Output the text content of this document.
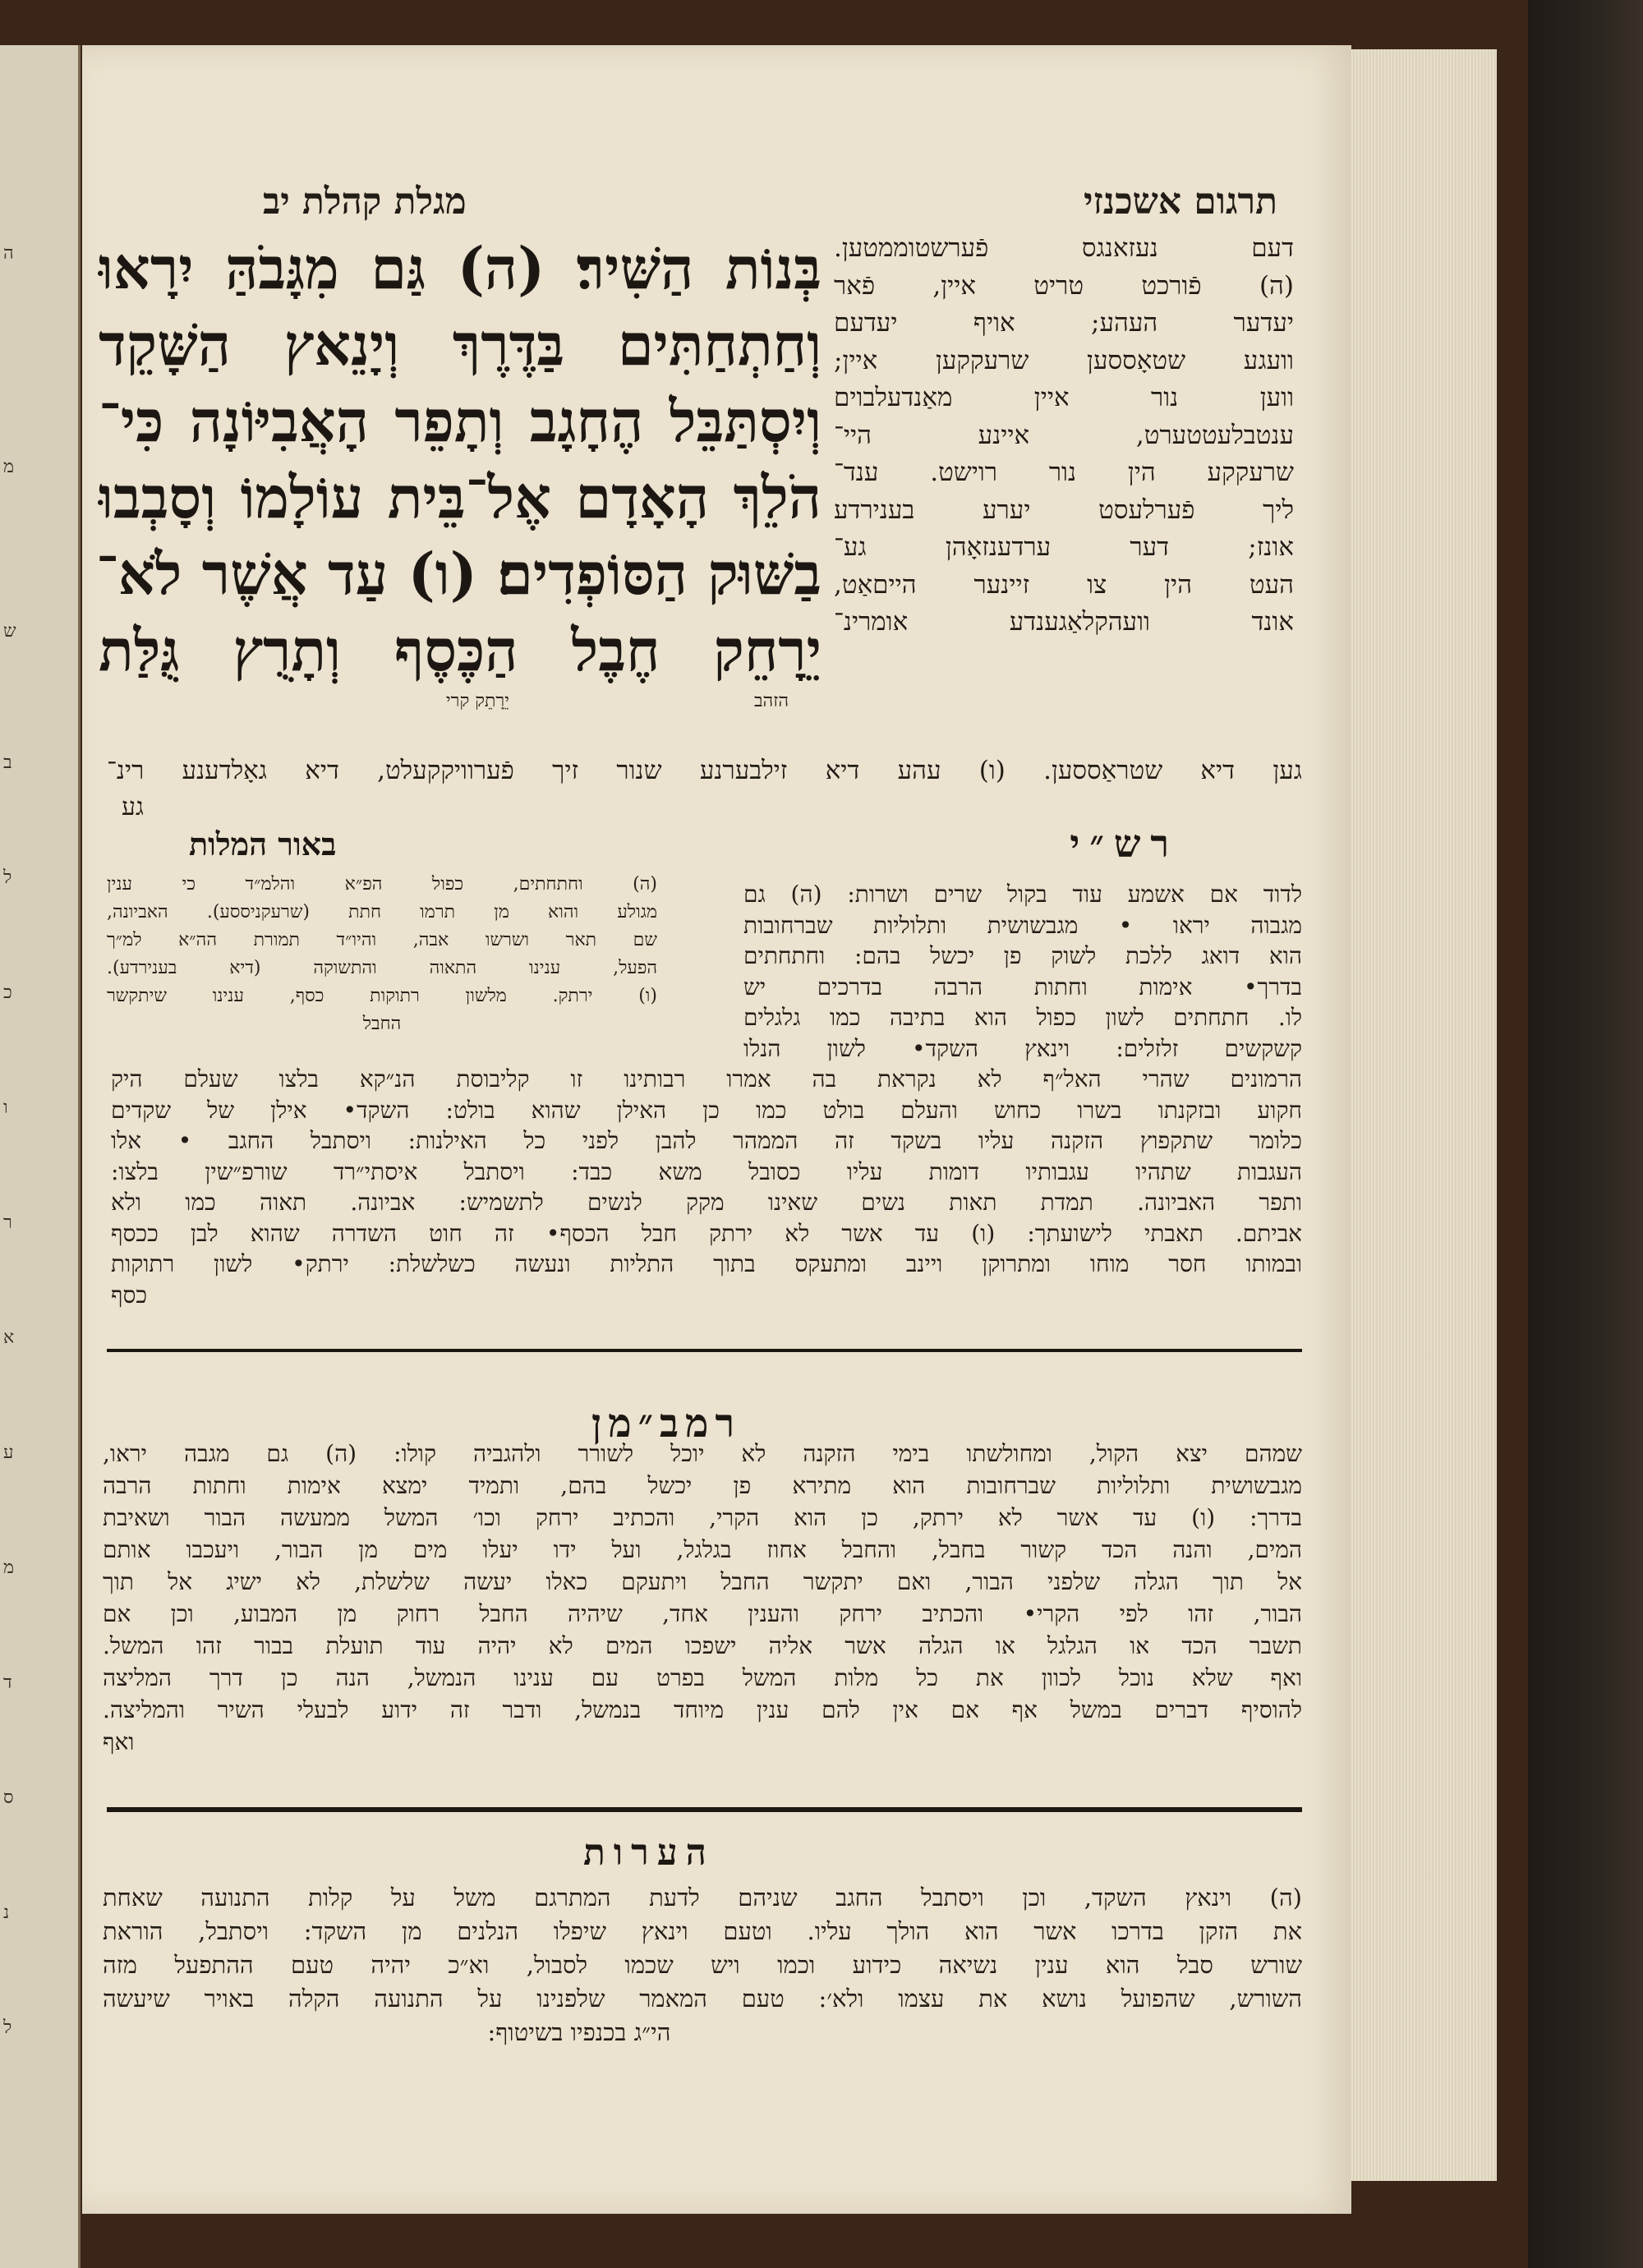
ה
מ
ש
ב
ל
כ
ו
ר
א
ע
מ
ד
ס
נ
ל
תרגום אשכנזי
מגלת קהלת יב
בְּנוֹת הַשִּׁיר׃ (ה) גַּם מִגָּבֹהַּ יִרָאוּ
וְחַתְחַתִּים בַּדֶּרֶךְ וְיָנֵאץ הַשָּׁקֵד
וְיִסְתַּבֵּל הֶחָגָב וְתָפֵר הָאֲבִיּוֹנָה כִּי־
הֹלֵךְ הָאָדָם אֶל־בֵּית עוֹלָמוֹ וְסָבְבוּ
בַשּׁוּק הַסּוֹפְדִים׃ (ו) עַד אֲשֶׁר לֹא־
יֵרָחֵק חֶבֶל הַכֶּסֶף וְתָרֻץ גֻּלַּת
יֵרָתֵק קרי	הזהב
דעם נעזאנגס פֿערשטוממטען.
(ה) פֿורכט טריט איין, פֿאר
יעדער העהע; אויף יעדעם
וועגע שטאָססען שרעקקען איין;
ווען נור איין מאַנדעלבוים
ענטבלעטטערט, איינע היי־
שרעקקע הין נור רוישט. ענד־
ליך פֿערלעסט יערע בענירדע
אונז; דער ערדענזאָהן גע־
העט הין צו זיינער הייםאַט,
אונד וועהקלאַגענדע אומרינ־
גען דיא שטראַססען. (ו) עהע דיא זילבערנע שנור זיך פֿערוויקקעלט, דיא גאָלדענע רינ־
גע
רש״י
באור המלות
(ה) וחתחתים, כפול הפ״א והלמ״ד כי ענין
מגולע והוא מן תרמו חתת (שרעקניססע). האביונה,
שם תאר ושרשו אבה, והיו״ד תמורת הה״א למ״ך
הפעל, ענינו התאוה והתשוקה (דיא בענירדע).
(ו) ירתק. מלשון רתוקות כסף, ענינו שיתקשר
החבל
לדוד אם אשמע עוד בקול שרים ושרות: (ה) גם
מגבוה יראו • מגבשושית ותלוליות שברחובות
הוא דואג ללכת לשוק פן יכשל בהם: וחתחתים
בדרך• אימות וחתות הרבה בדרכים יש
לו. חתחתים לשון כפול הוא בתיבה כמו גלגלים
קשקשים זלזלים: וינאץ השקד• לשון הנלו
הרמונים שהרי האל״ף לא נקראת בה אמרו רבותינו זו קליבוסת הנ״קא בלצו שעלם היק
חקוע ובזקנתו בשרו כחוש והעלם בולט כמו כן האילן שהוא בולט: השקד• אילן של שקדים
כלומר שתקפוץ הזקנה עליו בשקד זה הממהר להבן לפני כל האילנות: ויסתבל החגב • אלו
העגבות שתהיו עגבותיו דומות עליו כסובל משא כבד: ויסתבל איסתי״רד שורפ״שין בלצו:
ותפר האביונה. תמדת תאות נשים שאינו מקק לנשים לתשמיש: אביונה. תאוה כמו ולא
אביתם. תאבתי לישועתך: (ו) עד אשר לא ירתק חבל הכסף• זה חוט השדרה שהוא לבן ככסף
ובמותו חסר מוחו ומתרוקן ויינב ומתעקס בתוך התליות ונעשה כשלשלת: ירתק• לשון רתוקות
כסף
רמב״מן
שמהם יצא הקול, ומחולשתו בימי הזקנה לא יוכל לשורר ולהגביה קולו: (ה) גם מגבה יראו,
מגבשושית ותלוליות שברחובות הוא מתירא פן יכשל בהם, ותמיד ימצא אימות וחתות הרבה
בדרך: (ו) עד אשר לא ירתק, כן הוא הקרי, והכתיב ירחק וכו׳ המשל ממעשה הבור ושאיבת
המים, והנה הכד קשור בחבל, והחבל אחוז בגלגל, ועל ידו יעלו מים מן הבור, ויעכבו אותם
אל תוך הגלה שלפני הבור, ואם יתקשר החבל ויתעקם כאלו יעשה שלשלת, לא ישיג אל תוך
הבור, זהו לפי הקרי• והכתיב ירחק והענין אחד, שיהיה החבל רחוק מן המבוע, וכן אם
תשבר הכד או הגלגל או הגלה אשר אליה ישפכו המים לא יהיה עוד תועלת בבור זהו המשל.
ואף שלא נוכל לכוון את כל מלות המשל בפרט עם ענינו הנמשל, הנה כן דרך המליצה
להוסיף דברים במשל אף אם אין להם ענין מיוחד בנמשל, ודבר זה ידוע לבעלי השיר והמליצה.
ואף
הערות
(ה) וינאץ השקד, וכן ויסתבל החגב שניהם לדעת המתרגם משל על קלות התנועה שאחת
את הזקן בדרכו אשר הוא הולך עליו. וטעם וינאץ שיפלו הנלנים מן השקד: ויסתבל, הוראת
שורש סבל הוא ענין נשיאה כידוע וכמו ויש שכמו לסבול, וא״כ יהיה טעם ההתפעל מזה
השורש, שהפועל נושא את עצמו ולא׳: טעם המאמר שלפנינו על התנועה הקלה באויר שיעשה
הי״ג בכנפיו בשיטוף:
